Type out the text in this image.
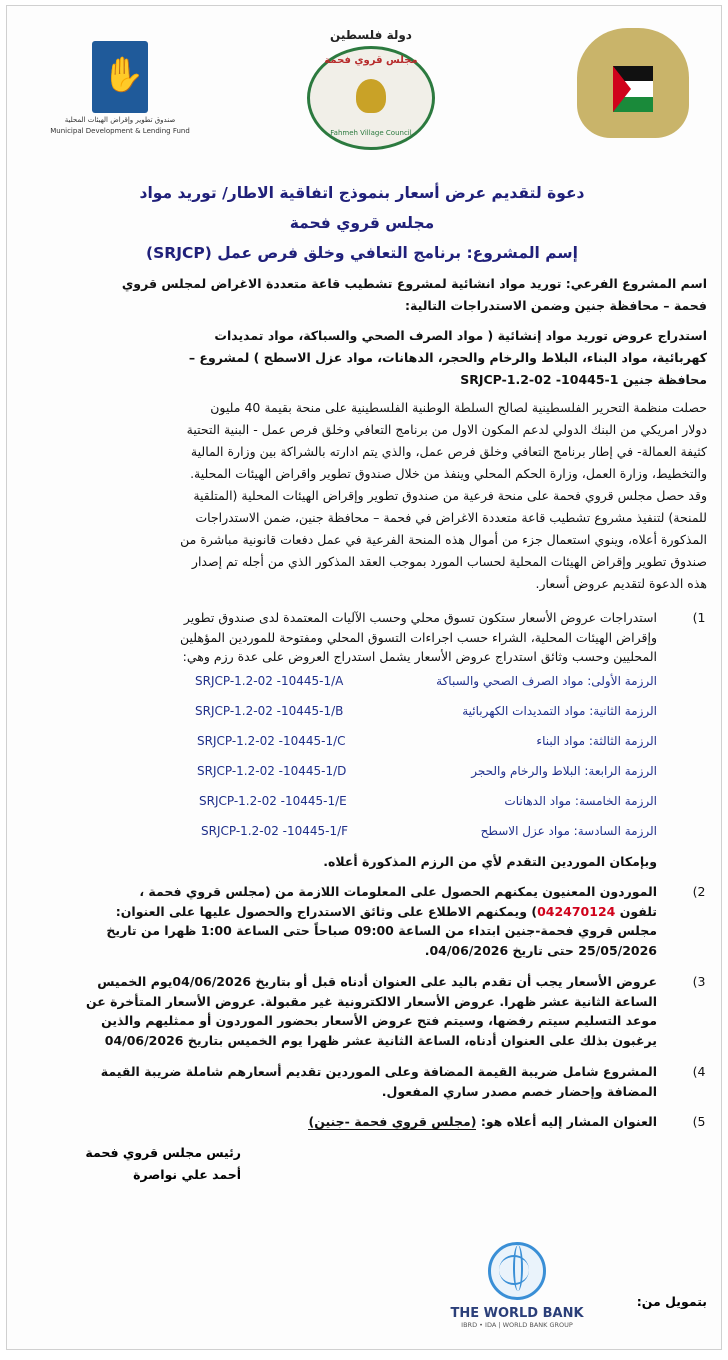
✋
صندوق تطوير وإقراض الهيئات المحلية
Municipal Development & Lending Fund
دولة فلسطين
مجلس قروي فحمة
Fahmeh Village Council
دعوة لتقديم عرض أسعار بنموذج اتفاقية الاطار/ توريد مواد
مجلس قروي فحمة
إسم المشروع: برنامج التعافي وخلق فرص عمل (SRJCP)
اسم المشروع الفرعي: توريد مواد انشائية لمشروع تشطيب قاعة متعددة الاغراض لمجلس قروي
فحمة – محافظة جنين وضمن الاستدراجات التالية:
استدراج عروض توريد مواد إنشائية ( مواد الصرف الصحي والسباكة، مواد تمديدات
كهربائية، مواد البناء، البلاط والرخام والحجر، الدهانات، مواد عزل الاسطح ) لمشروع –
محافظة جنين SRJCP-1.2-02 -10445-1
حصلت منظمة التحرير الفلسطينية لصالح السلطة الوطنية الفلسطينية على منحة بقيمة 40 مليون
دولار امريكي من البنك الدولي لدعم المكون الاول من برنامج التعافي وخلق فرص عمل - البنية التحتية
كثيفة العمالة- في إطار برنامج التعافي وخلق فرص عمل، والذي يتم ادارته بالشراكة بين وزارة المالية
والتخطيط، وزارة العمل، وزارة الحكم المحلي وينفذ من خلال صندوق تطوير واقراض الهيئات المحلية.
وقد حصل مجلس قروي فحمة على منحة فرعية من صندوق تطوير وإقراض الهيئات المحلية (المتلقية
للمنحة) لتنفيذ مشروع تشطيب قاعة متعددة الاغراض في فحمة – محافظة جنين، ضمن الاستدراجات
المذكورة أعلاه، وينوي استعمال جزء من أموال هذه المنحة الفرعية في عمل دفعات قانونية مباشرة من
صندوق تطوير وإقراض الهيئات المحلية لحساب المورد بموجب العقد المذكور الذي من أجله تم إصدار
هذه الدعوة لتقديم عروض أسعار.
1)
استدراجات عروض الأسعار ستكون تسوق محلي وحسب الآليات المعتمدة لدى صندوق تطوير
وإقراض الهيئات المحلية، الشراء حسب اجراءات التسوق المحلي ومفتوحة للموردين المؤهلين
المحليين وحسب وثائق استدراج عروض الأسعار يشمل استدراج العروض على عدة رزم وهي:
الرزمة الأولى: مواد الصرف الصحي والسباكة
SRJCP-1.2-02 -10445-1/A
الرزمة الثانية: مواد التمديدات الكهربائية
SRJCP-1.2-02 -10445-1/B
الرزمة الثالثة: مواد البناء
SRJCP-1.2-02 -10445-1/C
الرزمة الرابعة: البلاط والرخام والحجر
SRJCP-1.2-02 -10445-1/D
الرزمة الخامسة: مواد الدهانات
SRJCP-1.2-02 -10445-1/E
الرزمة السادسة: مواد عزل الاسطح
SRJCP-1.2-02 -10445-1/F
وبإمكان الموردين التقدم لأي من الرزم المذكورة أعلاه.
2)
الموردون المعنيون يمكنهم الحصول على المعلومات اللازمة من (مجلس قروي فحمة ،
تلفون 042470124) ويمكنهم الاطلاع على وثائق الاستدراج والحصول عليها على العنوان:
مجلس قروي فحمة-جنين ابتداء من الساعة 09:00 صباحاً حتى الساعة 1:00 ظهرا من تاريخ
25/05/2026 حتى تاريخ 04/06/2026.
3)
عروض الأسعار يجب أن تقدم باليد على العنوان أدناه قبل أو بتاريخ 04/06/2026يوم الخميس
الساعة الثانية عشر ظهرا. عروض الأسعار الالكترونية غير مقبولة. عروض الأسعار المتأخرة عن
موعد التسليم سيتم رفضها، وسيتم فتح عروض الأسعار بحضور الموردون أو ممثليهم والذين
يرغبون بذلك على العنوان أدناه، الساعة الثانية عشر ظهرا يوم الخميس بتاريخ 04/06/2026
4)
المشروع شامل ضريبة القيمة المضافة وعلى الموردين تقديم أسعارهم شاملة ضريبة القيمة
المضافة وإحضار خصم مصدر ساري المفعول.
5)
العنوان المشار إليه أعلاه هو: (مجلس قروي فحمة -جنين)
رئيس مجلس قروي فحمة
أحمد علي نواصرة
بتمويل من:
THE WORLD BANK
IBRD • IDA | WORLD BANK GROUP
